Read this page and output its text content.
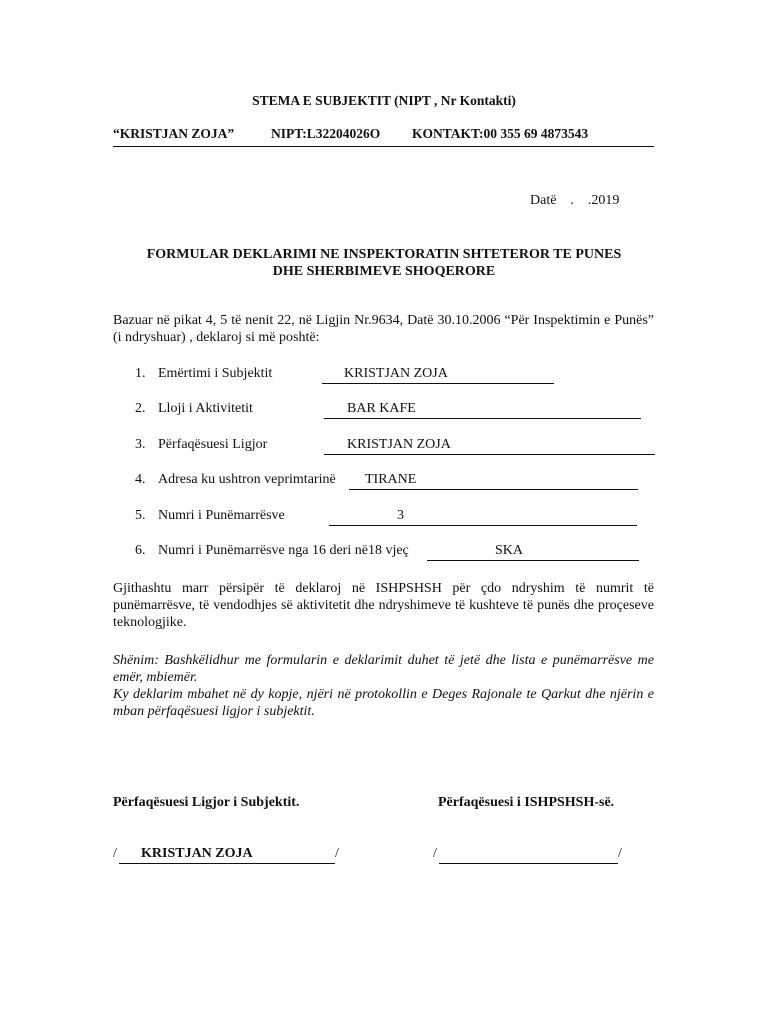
STEMA E SUBJEKTIT (NIPT , Nr Kontakti)
“KRISTJAN ZOJA”	NIPT:L32204026O KONTAKT:00 355 69 4873543
Datë    .    .2019
FORMULAR DEKLARIMI NE INSPEKTORATIN SHTETEROR TE PUNES
DHE SHERBIMEVE SHOQERORE
Bazuar në pikat 4, 5 të nenit 22, në Ligjin Nr.9634, Datë 30.10.2006 “Për Inspektimin e Punës” (i ndryshuar) , deklaroj si më poshtë:
1. Emërtimi i Subjektit	KRISTJAN ZOJA
2. Lloji i Aktivitetit	BAR KAFE
3. Përfaqësuesi Ligjor	KRISTJAN ZOJA
4. Adresa ku ushtron veprimtarinë TIRANE
5. Numri i Punëmarrësve	3
6. Numri i Punëmarrësve nga 16 deri në18 vjeç	SKA
Gjithashtu marr përsipër të deklaroj në ISHPSHSH për çdo ndryshim të numrit të punëmarrësve, të vendodhjes së aktivitetit dhe ndryshimeve të kushteve të punës dhe proçeseve teknologjike.
Shënim: Bashkëlidhur me formularin e deklarimit duhet të jetë dhe lista e punëmarrësve me emër, mbiemër.
Ky deklarim mbahet në dy kopje, njëri në protokollin e Deges Rajonale te Qarkut dhe njërin e mban përfaqësuesi ligjor i subjektit.
Përfaqësuesi Ligjor i Subjektit.	Përfaqësuesi i ISHPSHSH-së.
/ KRISTJAN ZOJA	/	/	/
